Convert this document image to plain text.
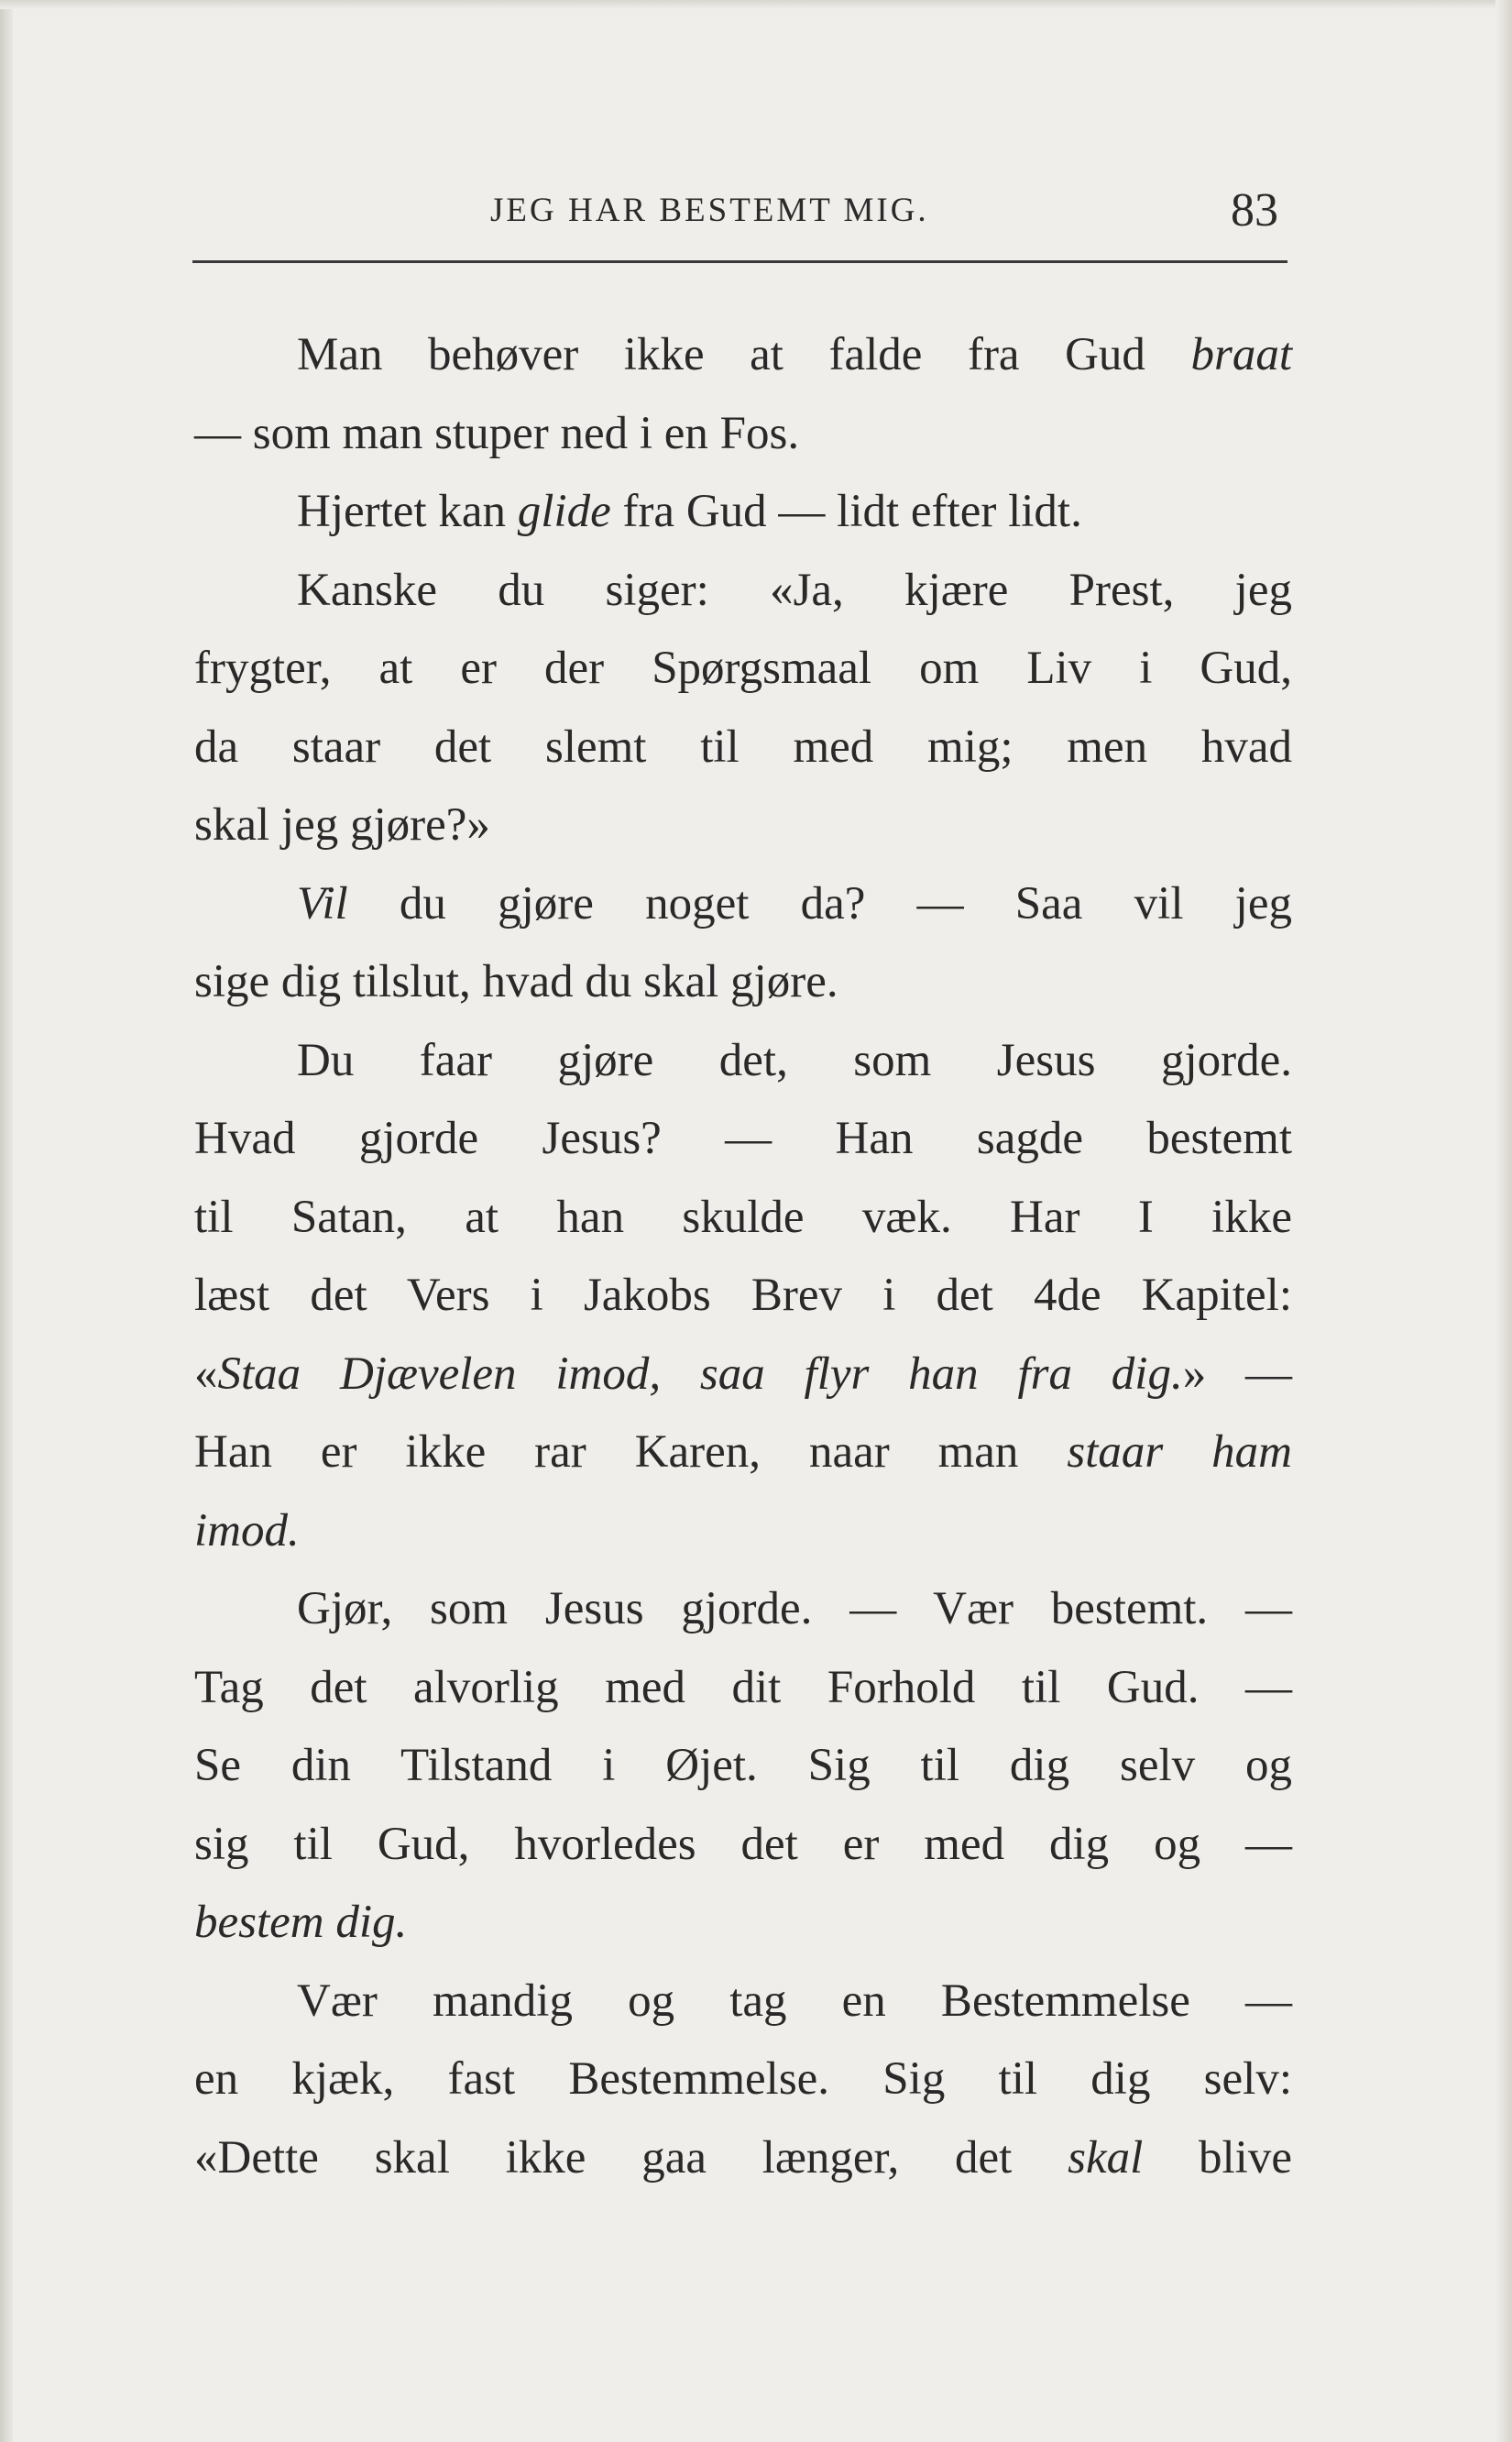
JEG HAR BESTEMT MIG.	83
Man behøver ikke at falde fra Gud braat
— som man stuper ned i en Fos.
Hjertet kan glide fra Gud — lidt efter lidt.
Kanske du siger: «Ja, kjære Prest, jeg
frygter, at er der Spørgsmaal om Liv i Gud,
da staar det slemt til med mig; men hvad
skal jeg gjøre?»
Vil du gjøre noget da? — Saa vil jeg
sige dig tilslut, hvad du skal gjøre.
Du faar gjøre det, som Jesus gjorde.
Hvad gjorde Jesus? — Han sagde bestemt
til Satan, at han skulde væk. Har I ikke
læst det Vers i Jakobs Brev i det 4de Kapitel:
«Staa Djævelen imod, saa flyr han fra dig.» —
Han er ikke rar Karen, naar man staar ham
imod.
Gjør, som Jesus gjorde. — Vær bestemt. —
Tag det alvorlig med dit Forhold til Gud. —
Se din Tilstand i Øjet. Sig til dig selv og
sig til Gud, hvorledes det er med dig og —
bestem dig.
Vær mandig og tag en Bestemmelse —
en kjæk, fast Bestemmelse. Sig til dig selv:
«Dette skal ikke gaa længer, det skal blive
